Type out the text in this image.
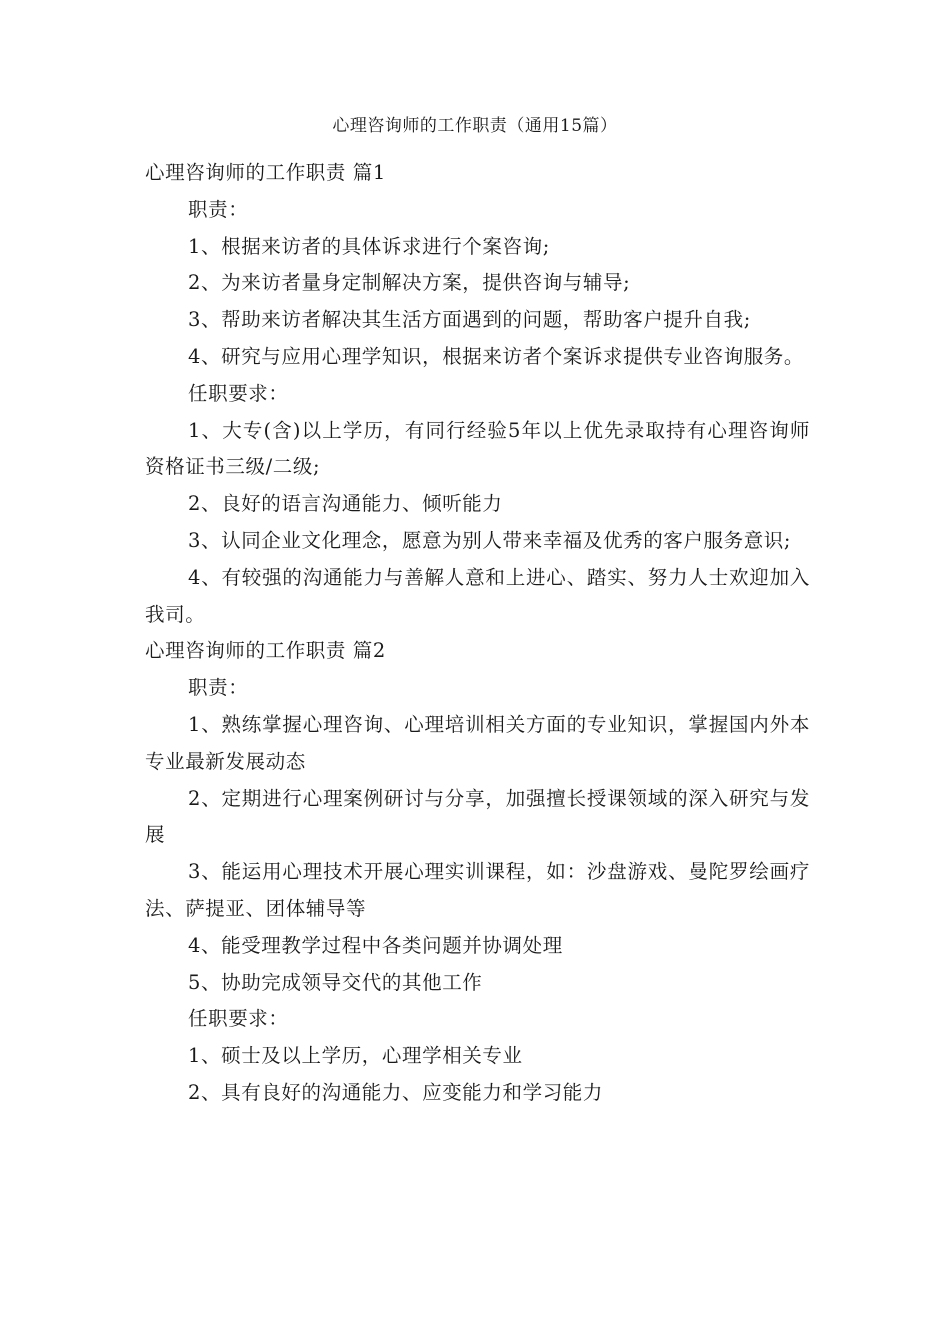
心理咨询师的工作职责（通用15篇）

心理咨询师的工作职责 篇1

职责：

1、根据来访者的具体诉求进行个案咨询;

2、为来访者量身定制解决方案，提供咨询与辅导;

3、帮助来访者解决其生活方面遇到的问题，帮助客户提升自我;

4、研究与应用心理学知识，根据来访者个案诉求提供专业咨询服务。

任职要求：

1、大专(含)以上学历，有同行经验5年以上优先录取持有心理咨询师资格证书三级/二级;

2、良好的语言沟通能力、倾听能力

3、认同企业文化理念，愿意为别人带来幸福及优秀的客户服务意识;

4、有较强的沟通能力与善解人意和上进心、踏实、努力人士欢迎加入我司。

心理咨询师的工作职责 篇2

职责：

1、熟练掌握心理咨询、心理培训相关方面的专业知识，掌握国内外本专业最新发展动态

2、定期进行心理案例研讨与分享，加强擅长授课领域的深入研究与发展

3、能运用心理技术开展心理实训课程，如：沙盘游戏、曼陀罗绘画疗法、萨提亚、团体辅导等

4、能受理教学过程中各类问题并协调处理

5、协助完成领导交代的其他工作

任职要求：

1、硕士及以上学历，心理学相关专业

2、具有良好的沟通能力、应变能力和学习能力
